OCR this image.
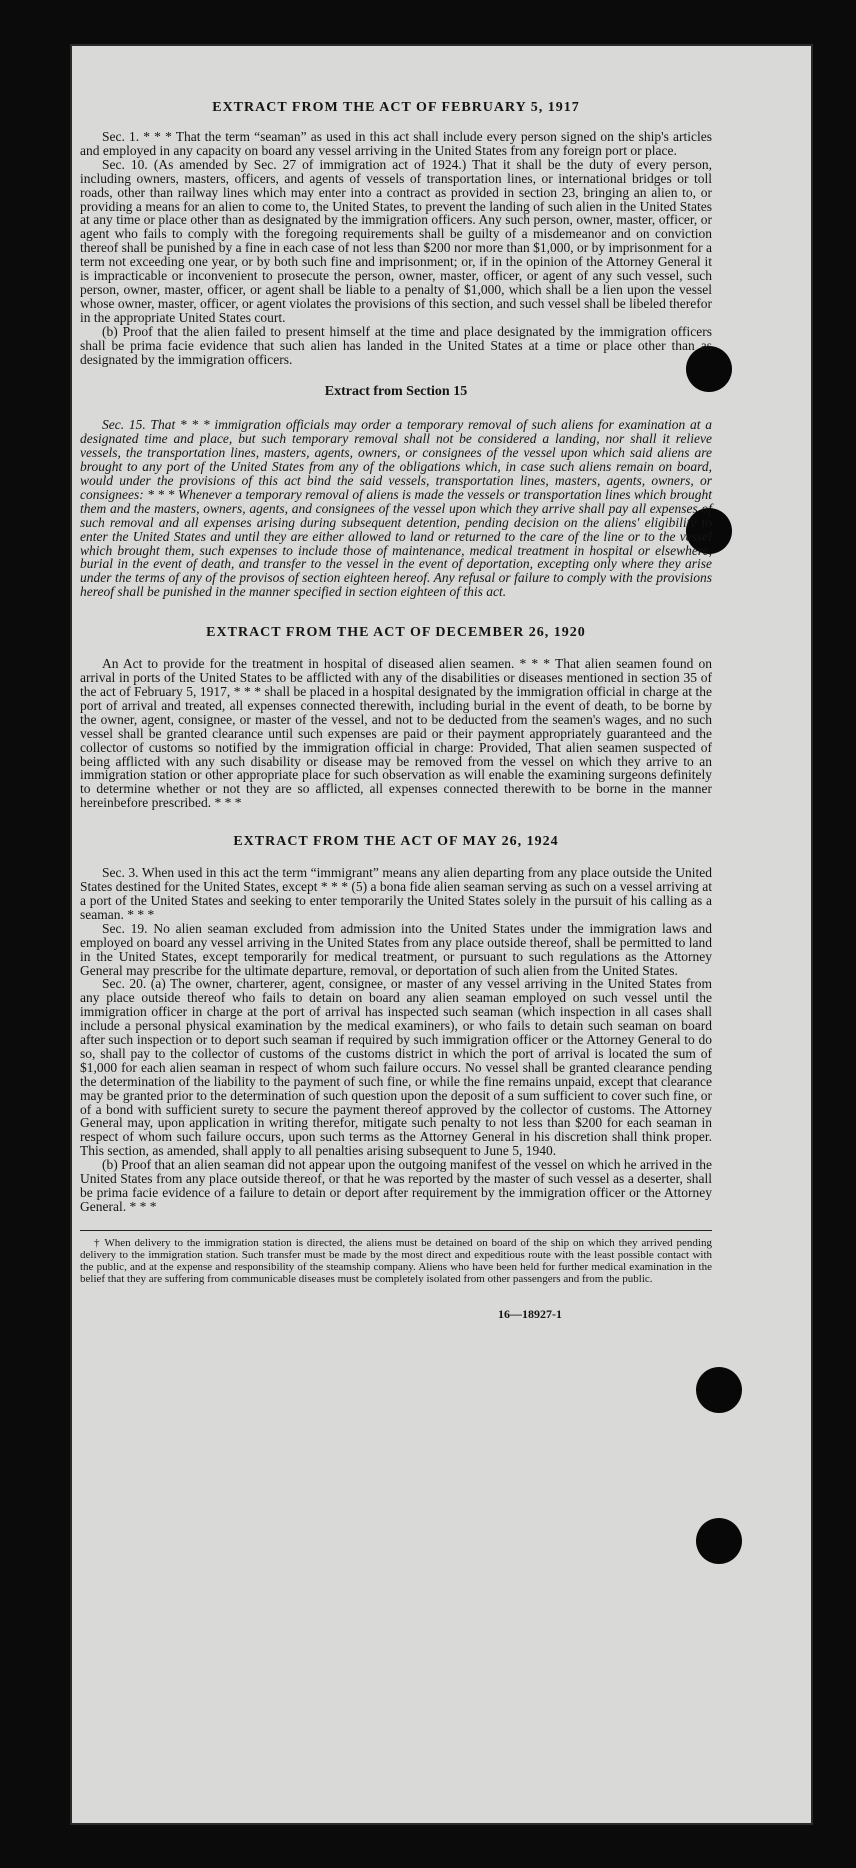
EXTRACT FROM THE ACT OF FEBRUARY 5, 1917

Sec. 1. * * * That the term “seaman” as used in this act shall include every person signed on the ship's articles and employed in any capacity on board any vessel arriving in the United States from any foreign port or place.

Sec. 10. (As amended by Sec. 27 of immigration act of 1924.) That it shall be the duty of every person, including owners, masters, officers, and agents of vessels of transportation lines, or international bridges or toll roads, other than railway lines which may enter into a contract as provided in section 23, bringing an alien to, or providing a means for an alien to come to, the United States, to prevent the landing of such alien in the United States at any time or place other than as designated by the immigration officers. Any such person, owner, master, officer, or agent who fails to comply with the foregoing requirements shall be guilty of a misdemeanor and on conviction thereof shall be punished by a fine in each case of not less than $200 nor more than $1,000, or by imprisonment for a term not exceeding one year, or by both such fine and imprisonment; or, if in the opinion of the Attorney General it is impracticable or inconvenient to prosecute the person, owner, master, officer, or agent of any such vessel, such person, owner, master, officer, or agent shall be liable to a penalty of $1,000, which shall be a lien upon the vessel whose owner, master, officer, or agent violates the provisions of this section, and such vessel shall be libeled therefor in the appropriate United States court.

(b) Proof that the alien failed to present himself at the time and place designated by the immigration officers shall be prima facie evidence that such alien has landed in the United States at a time or place other than as designated by the immigration officers.

Extract from Section 15

Sec. 15. That * * * immigration officials may order a temporary removal of such aliens for examination at a designated time and place, but such temporary removal shall not be considered a landing, nor shall it relieve vessels, the transportation lines, masters, agents, owners, or consignees of the vessel upon which said aliens are brought to any port of the United States from any of the obligations which, in case such aliens remain on board, would under the provisions of this act bind the said vessels, transportation lines, masters, agents, owners, or consignees: * * * Whenever a temporary removal of aliens is made the vessels or transportation lines which brought them and the masters, owners, agents, and consignees of the vessel upon which they arrive shall pay all expenses of such removal and all expenses arising during subsequent detention, pending decision on the aliens' eligibility to enter the United States and until they are either allowed to land or returned to the care of the line or to the vessel which brought them, such expenses to include those of maintenance, medical treatment in hospital or elsewhere, burial in the event of death, and transfer to the vessel in the event of deportation, excepting only where they arise under the terms of any of the provisos of section eighteen hereof. Any refusal or failure to comply with the provisions hereof shall be punished in the manner specified in section eighteen of this act.

EXTRACT FROM THE ACT OF DECEMBER 26, 1920

An Act to provide for the treatment in hospital of diseased alien seamen. * * * That alien seamen found on arrival in ports of the United States to be afflicted with any of the disabilities or diseases mentioned in section 35 of the act of February 5, 1917, * * * shall be placed in a hospital designated by the immigration official in charge at the port of arrival and treated, all expenses connected therewith, including burial in the event of death, to be borne by the owner, agent, consignee, or master of the vessel, and not to be deducted from the seamen's wages, and no such vessel shall be granted clearance until such expenses are paid or their payment appropriately guaranteed and the collector of customs so notified by the immigration official in charge: Provided, That alien seamen suspected of being afflicted with any such disability or disease may be removed from the vessel on which they arrive to an immigration station or other appropriate place for such observation as will enable the examining surgeons definitely to determine whether or not they are so afflicted, all expenses connected therewith to be borne in the manner hereinbefore prescribed. * * *

EXTRACT FROM THE ACT OF MAY 26, 1924

Sec. 3. When used in this act the term “immigrant” means any alien departing from any place outside the United States destined for the United States, except * * * (5) a bona fide alien seaman serving as such on a vessel arriving at a port of the United States and seeking to enter temporarily the United States solely in the pursuit of his calling as a seaman. * * *

Sec. 19. No alien seaman excluded from admission into the United States under the immigration laws and employed on board any vessel arriving in the United States from any place outside thereof, shall be permitted to land in the United States, except temporarily for medical treatment, or pursuant to such regulations as the Attorney General may prescribe for the ultimate departure, removal, or deportation of such alien from the United States.

Sec. 20. (a) The owner, charterer, agent, consignee, or master of any vessel arriving in the United States from any place outside thereof who fails to detain on board any alien seaman employed on such vessel until the immigration officer in charge at the port of arrival has inspected such seaman (which inspection in all cases shall include a personal physical examination by the medical examiners), or who fails to detain such seaman on board after such inspection or to deport such seaman if required by such immigration officer or the Attorney General to do so, shall pay to the collector of customs of the customs district in which the port of arrival is located the sum of $1,000 for each alien seaman in respect of whom such failure occurs. No vessel shall be granted clearance pending the determination of the liability to the payment of such fine, or while the fine remains unpaid, except that clearance may be granted prior to the determination of such question upon the deposit of a sum sufficient to cover such fine, or of a bond with sufficient surety to secure the payment thereof approved by the collector of customs. The Attorney General may, upon application in writing therefor, mitigate such penalty to not less than $200 for each seaman in respect of whom such failure occurs, upon such terms as the Attorney General in his discretion shall think proper. This section, as amended, shall apply to all penalties arising subsequent to June 5, 1940.

(b) Proof that an alien seaman did not appear upon the outgoing manifest of the vessel on which he arrived in the United States from any place outside thereof, or that he was reported by the master of such vessel as a deserter, shall be prima facie evidence of a failure to detain or deport after requirement by the immigration officer or the Attorney General. * * *

† When delivery to the immigration station is directed, the aliens must be detained on board of the ship on which they arrived pending delivery to the immigration station. Such transfer must be made by the most direct and expeditious route with the least possible contact with the public, and at the expense and responsibility of the steamship company. Aliens who have been held for further medical examination in the belief that they are suffering from communicable diseases must be completely isolated from other passengers and from the public.

16—18927-1
